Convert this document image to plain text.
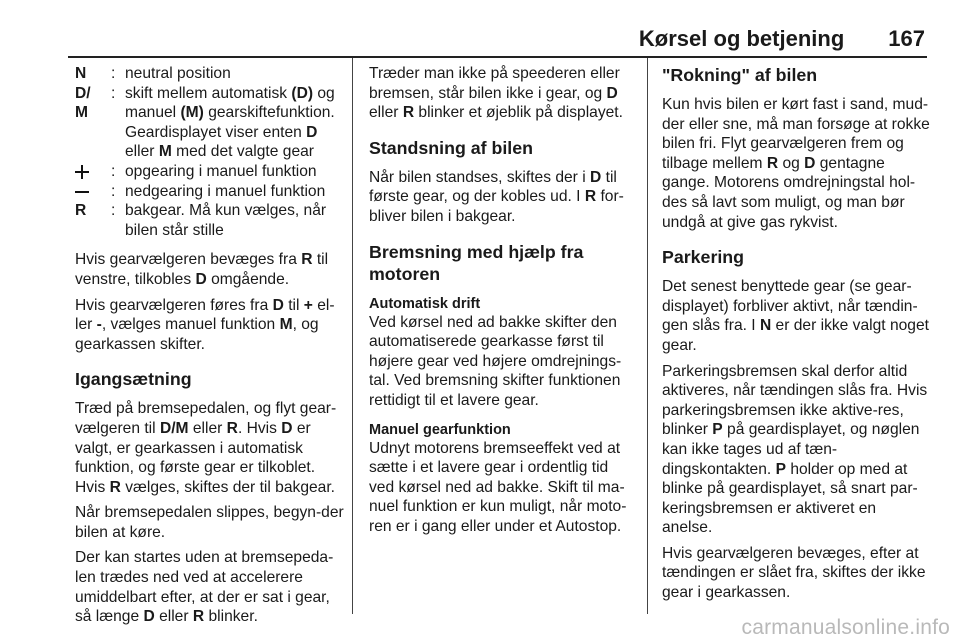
Kørsel og betjening 167
N	: neutral position
D/
M
: skift mellem automatisk (D) og manuel (M) gearskiftefunktion. Geardisplayet viser enten D eller M med det valgte gear
: opgearing i manuel funktion
: nedgearing i manuel funktion
R	: bakgear. Må kun vælges, når bilen står stille

Hvis gearvælgeren bevæges fra R til venstre, tilkobles D omgående.

Hvis gearvælgeren føres fra D til + el‐ler -, vælges manuel funktion M, og gearkassen skifter.

Igangsætning

Træd på bremsepedalen, og flyt gear‐vælgeren til D/M eller R. Hvis D er valgt, er gearkassen i automatisk funktion, og første gear er tilkoblet. Hvis R vælges, skiftes der til bakgear.

Når bremsepedalen slippes, begyn‐der bilen at køre.

Der kan startes uden at bremsepeda‐len trædes ned ved at accelerere umiddelbart efter, at der er sat i gear, så længe D eller R blinker.

Træder man ikke på speederen eller bremsen, står bilen ikke i gear, og D eller R blinker et øjeblik på displayet.

Standsning af bilen

Når bilen standses, skiftes der i D til første gear, og der kobles ud. I R for‐bliver bilen i bakgear.

Bremsning med hjælp fra motoren
Automatisk drift

Ved kørsel ned ad bakke skifter den automatiserede gearkasse først til højere gear ved højere omdrejnings‐tal. Ved bremsning skifter funktionen rettidigt til et lavere gear.

Manuel gearfunktion

Udnyt motorens bremseeffekt ved at sætte i et lavere gear i ordentlig tid ved kørsel ned ad bakke. Skift til ma‐nuel funktion er kun muligt, når moto‐ren er i gang eller under et Autostop.

"Rokning" af bilen

Kun hvis bilen er kørt fast i sand, mud‐der eller sne, må man forsøge at rokke bilen fri. Flyt gearvælgeren frem og tilbage mellem R og D gentagne gange. Motorens omdrejningstal hol‐des så lavt som muligt, og man bør undgå at give gas rykvist.

Parkering

Det senest benyttede gear (se gear‐displayet) forbliver aktivt, når tændin‐gen slås fra. I N er der ikke valgt noget gear.

Parkeringsbremsen skal derfor altid aktiveres, når tændingen slås fra. Hvis parkeringsbremsen ikke aktive‐res, blinker P på geardisplayet, og nøglen kan ikke tages ud af tæn‐dingskontakten. P holder op med at blinke på geardisplayet, så snart par‐keringsbremsen er aktiveret en anelse.

Hvis gearvælgeren bevæges, efter at tændingen er slået fra, skiftes der ikke gear i gearkassen.

carmanualsonline.info
